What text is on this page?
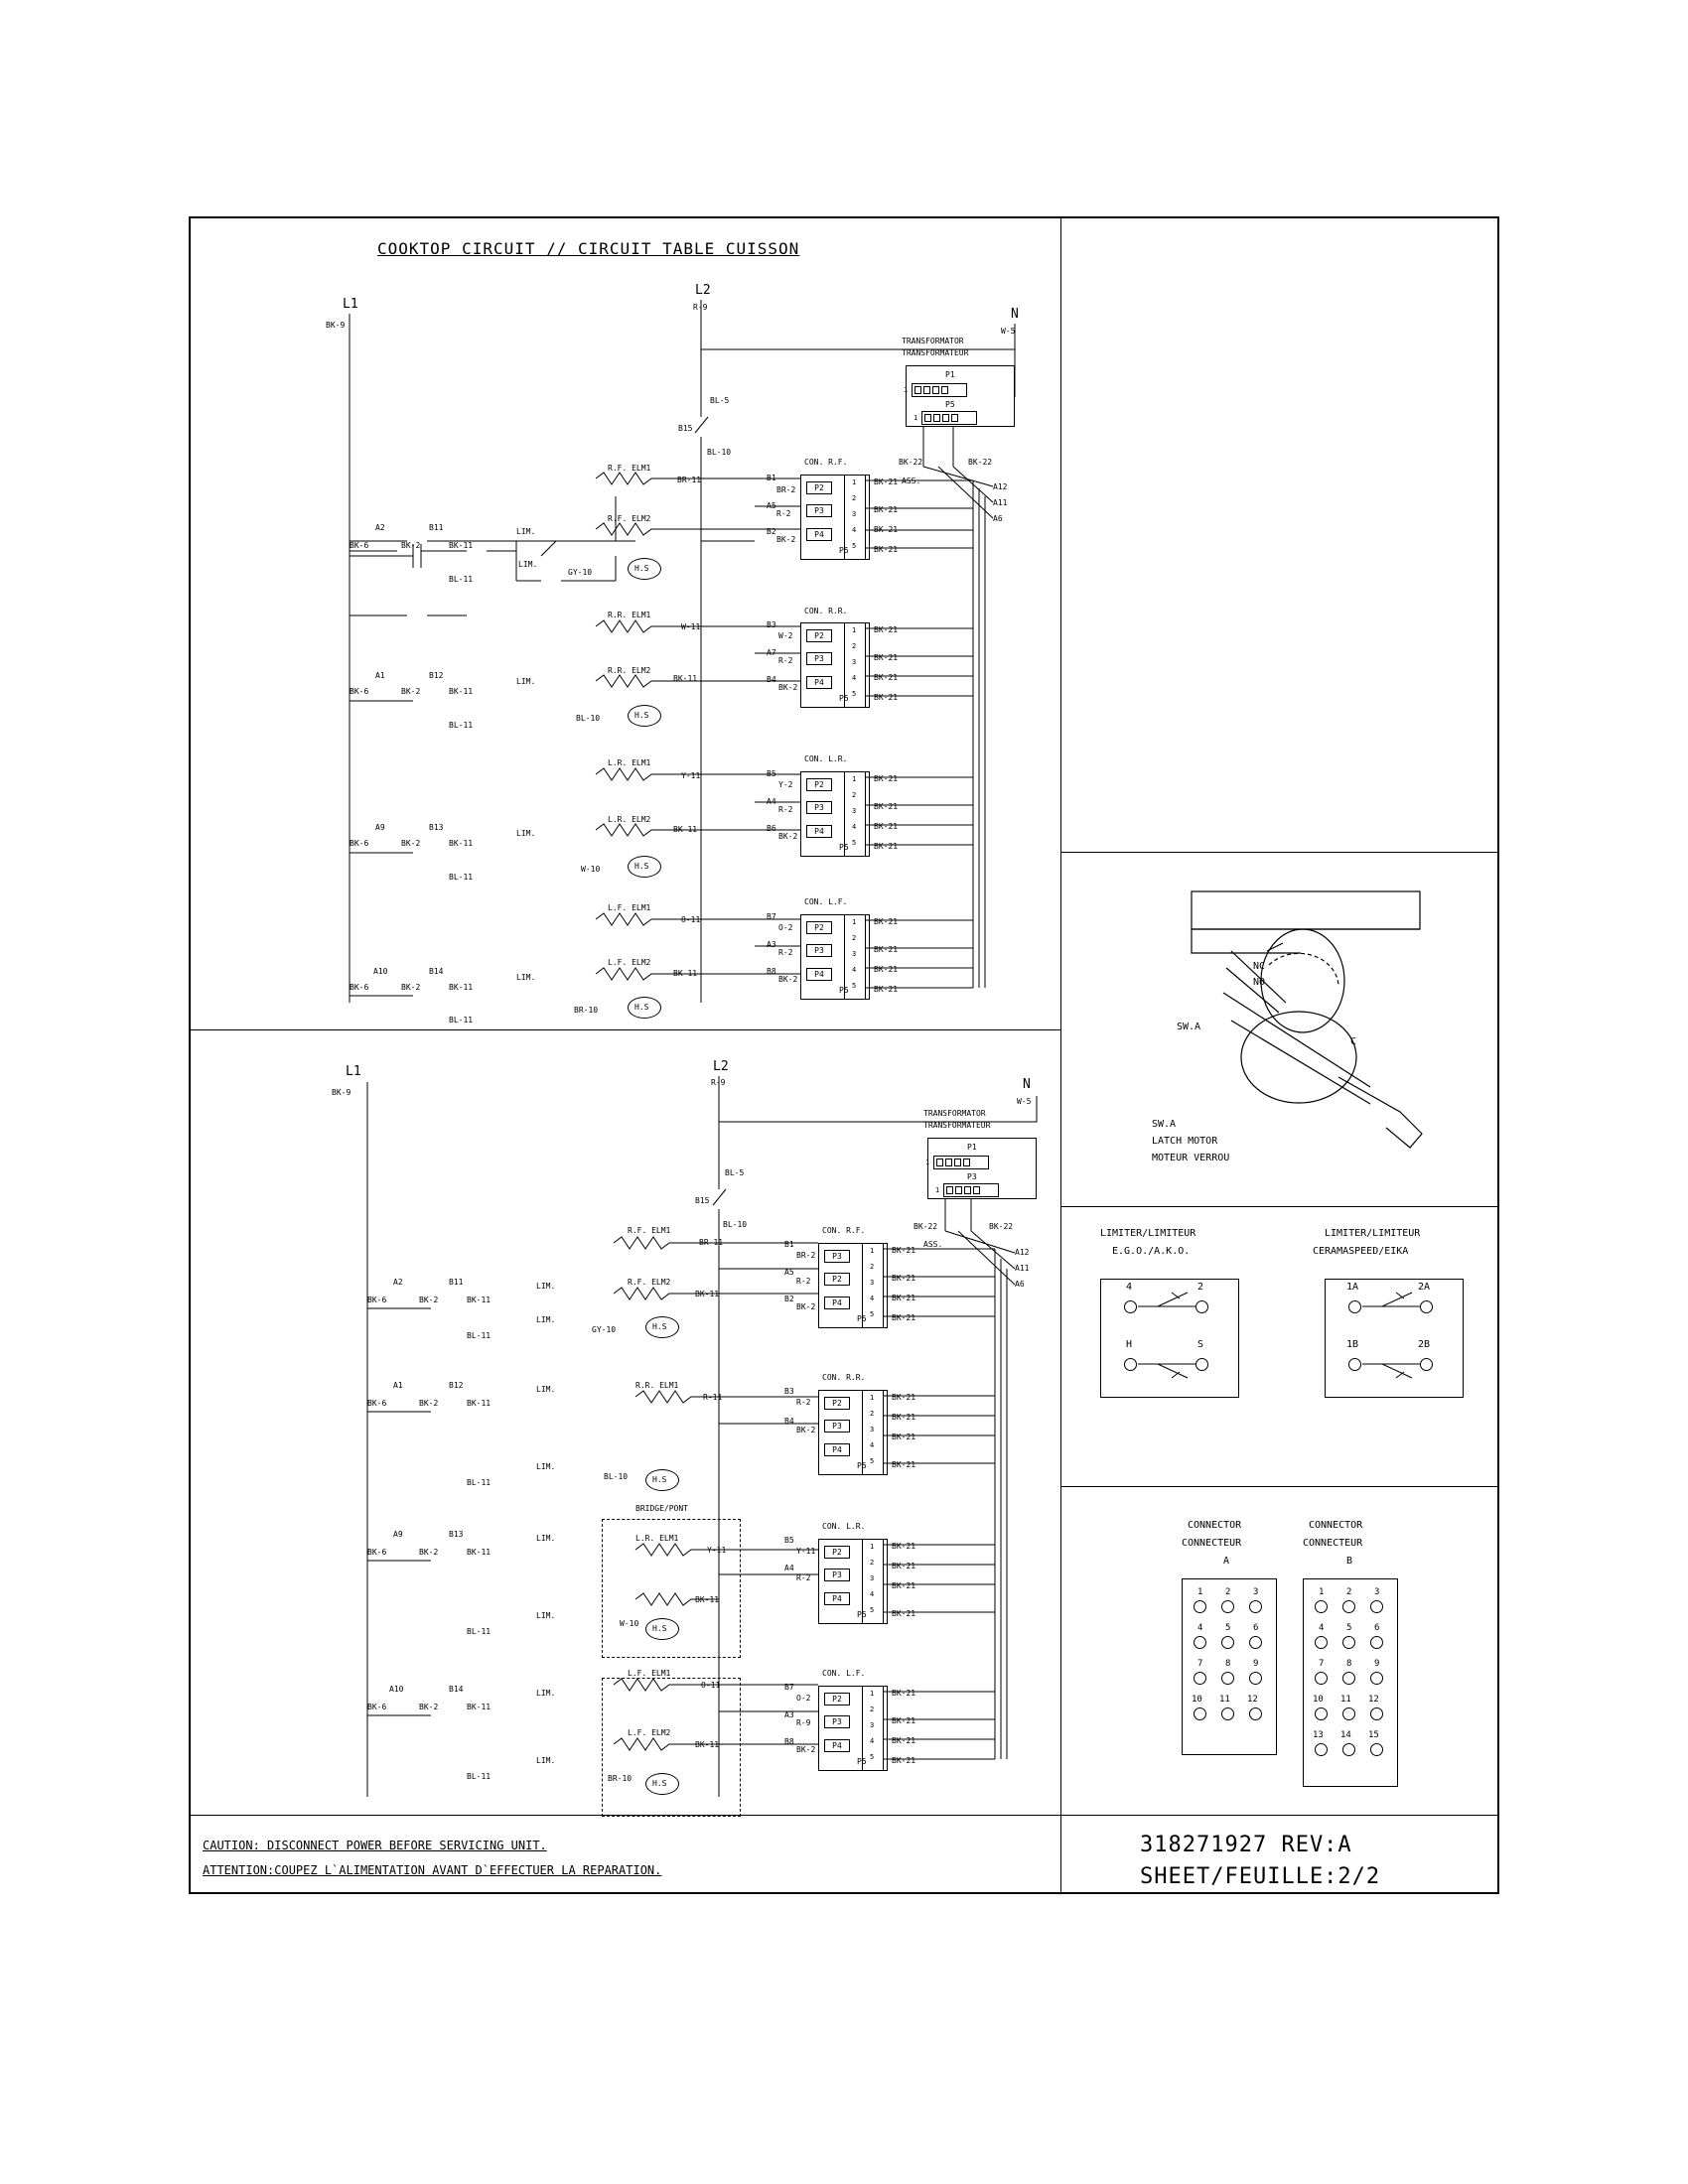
COOKTOP CIRCUIT // CIRCUIT TABLE CUISSON
L1
BK-9
L2
R-9	N
W-5
TRANSFORMATOR
TRANSFORMATEUR
P1
1
P5
1
BK-22	BK-22
ASS.
A12
A11
A6
B15
BL-5
BL-10
A2	B11
BK-6	BK-2	BK-11
BL-11
LIM.
LIM.
R.F. ELM1
R.F. ELM2
BR-11
GY-10	H.S
CON. R.F.
P2
P3
P4
P5
1
2
3
4
5
BK-21
BK-21
BK-21
BK-21
B1
A5
B2
BR-2
R-2
BK-2
A1	B12
BK-6	BK-2	BK-11
BL-11
LIM.
R.R. ELM1
R.R. ELM2
W-11
BK-11
BL-10	H.S
CON. R.R.
P2
P3
P4
P5
1
2
3
4
5
BK-21
BK-21
BK-21
BK-21
B3
A7
B4
W-2
R-2
BK-2
A9	B13
BK-6	BK-2	BK-11
BL-11
LIM.
L.R. ELM1
L.R. ELM2
Y-11
BK-11
W-10	H.S
CON. L.R.
P2
P3
P4
P5
1
2
3
4
5
BK-21
BK-21
BK-21
BK-21
B5
A4
B6
Y-2
R-2
BK-2
A10	B14
BK-6	BK-2	BK-11
BL-11
LIM.
L.F. ELM1
L.F. ELM2
O-11
BK-11
BR-10	H.S
CON. L.F.
P2
P3
P4
P5
1
2
3
4
5
BK-21
BK-21
BK-21
BK-21
B7
A3
B8
O-2
R-2
BK-2
L1
BK-9
L2
R-9	N
W-5
TRANSFORMATOR
TRANSFORMATEUR
P1
1
P3
1
BK-22	BK-22
ASS.
A12
A11
A6
B15
BL-5
BL-10
BRIDGE/PONT
A2	B11
BK-6	BK-2	BK-11
BL-11
LIM.
LIM.
R.F. ELM1
R.F. ELM2
BR-11
BK-11
GY-10	H.S
CON. R.F.
P3
P2
P4
P5
1
2
3
4
5
BK-21
BK-21
BK-21
BK-21
B1
A5
B2
BR-2
R-2
BK-2
A1	B12
BK-6	BK-2	BK-11
BL-11
LIM.
LIM.
R.R. ELM1
R-11
BL-10	H.S
CON. R.R.
P2
P3
P4
P5
1
2
3
4
5
BK-21
BK-21
BK-21
BK-21
B3
B4
R-2
BK-2
A9	B13
BK-6	BK-2	BK-11
BL-11
LIM.
LIM.
L.R. ELM1
Y-11
BK-11
W-10
H.S
CON. L.R.
P2
P3
P4
P5
1
2
3
4
5
BK-21
BK-21
BK-21
BK-21
B5
A4
Y-11
R-2
A10	B14
BK-6	BK-2	BK-11
BL-11
LIM.
LIM.
L.F. ELM1
L.F. ELM2
O-11
BK-11
BR-10
H.S
CON. L.F.
P2
P3
P4
P5
1
2
3
4
5
BK-21
BK-21
BK-21
BK-21
B7
A3
B8
O-2
R-9
BK-2
NC
NO
C
SW.A
SW.A
LATCH MOTOR
MOTEUR VERROU
LIMITER/LIMITEUR
E.G.O./A.K.O.
4	2
H	S
LIMITER/LIMITEUR
CERAMASPEED/EIKA
1A	2A
1B	2B
CONNECTOR
CONNECTEUR
A
1	2	3
4	5	6
7	8	9
10 11 12
CONNECTOR
CONNECTEUR
B
1	2	3
4	5	6
7	8	9
10 11 12
13 14 15
CAUTION: DISCONNECT POWER BEFORE SERVICING UNIT.
ATTENTION:COUPEZ L`ALIMENTATION AVANT D`EFFECTUER LA REPARATION.
318271927 REV:A
SHEET/FEUILLE:2/2
